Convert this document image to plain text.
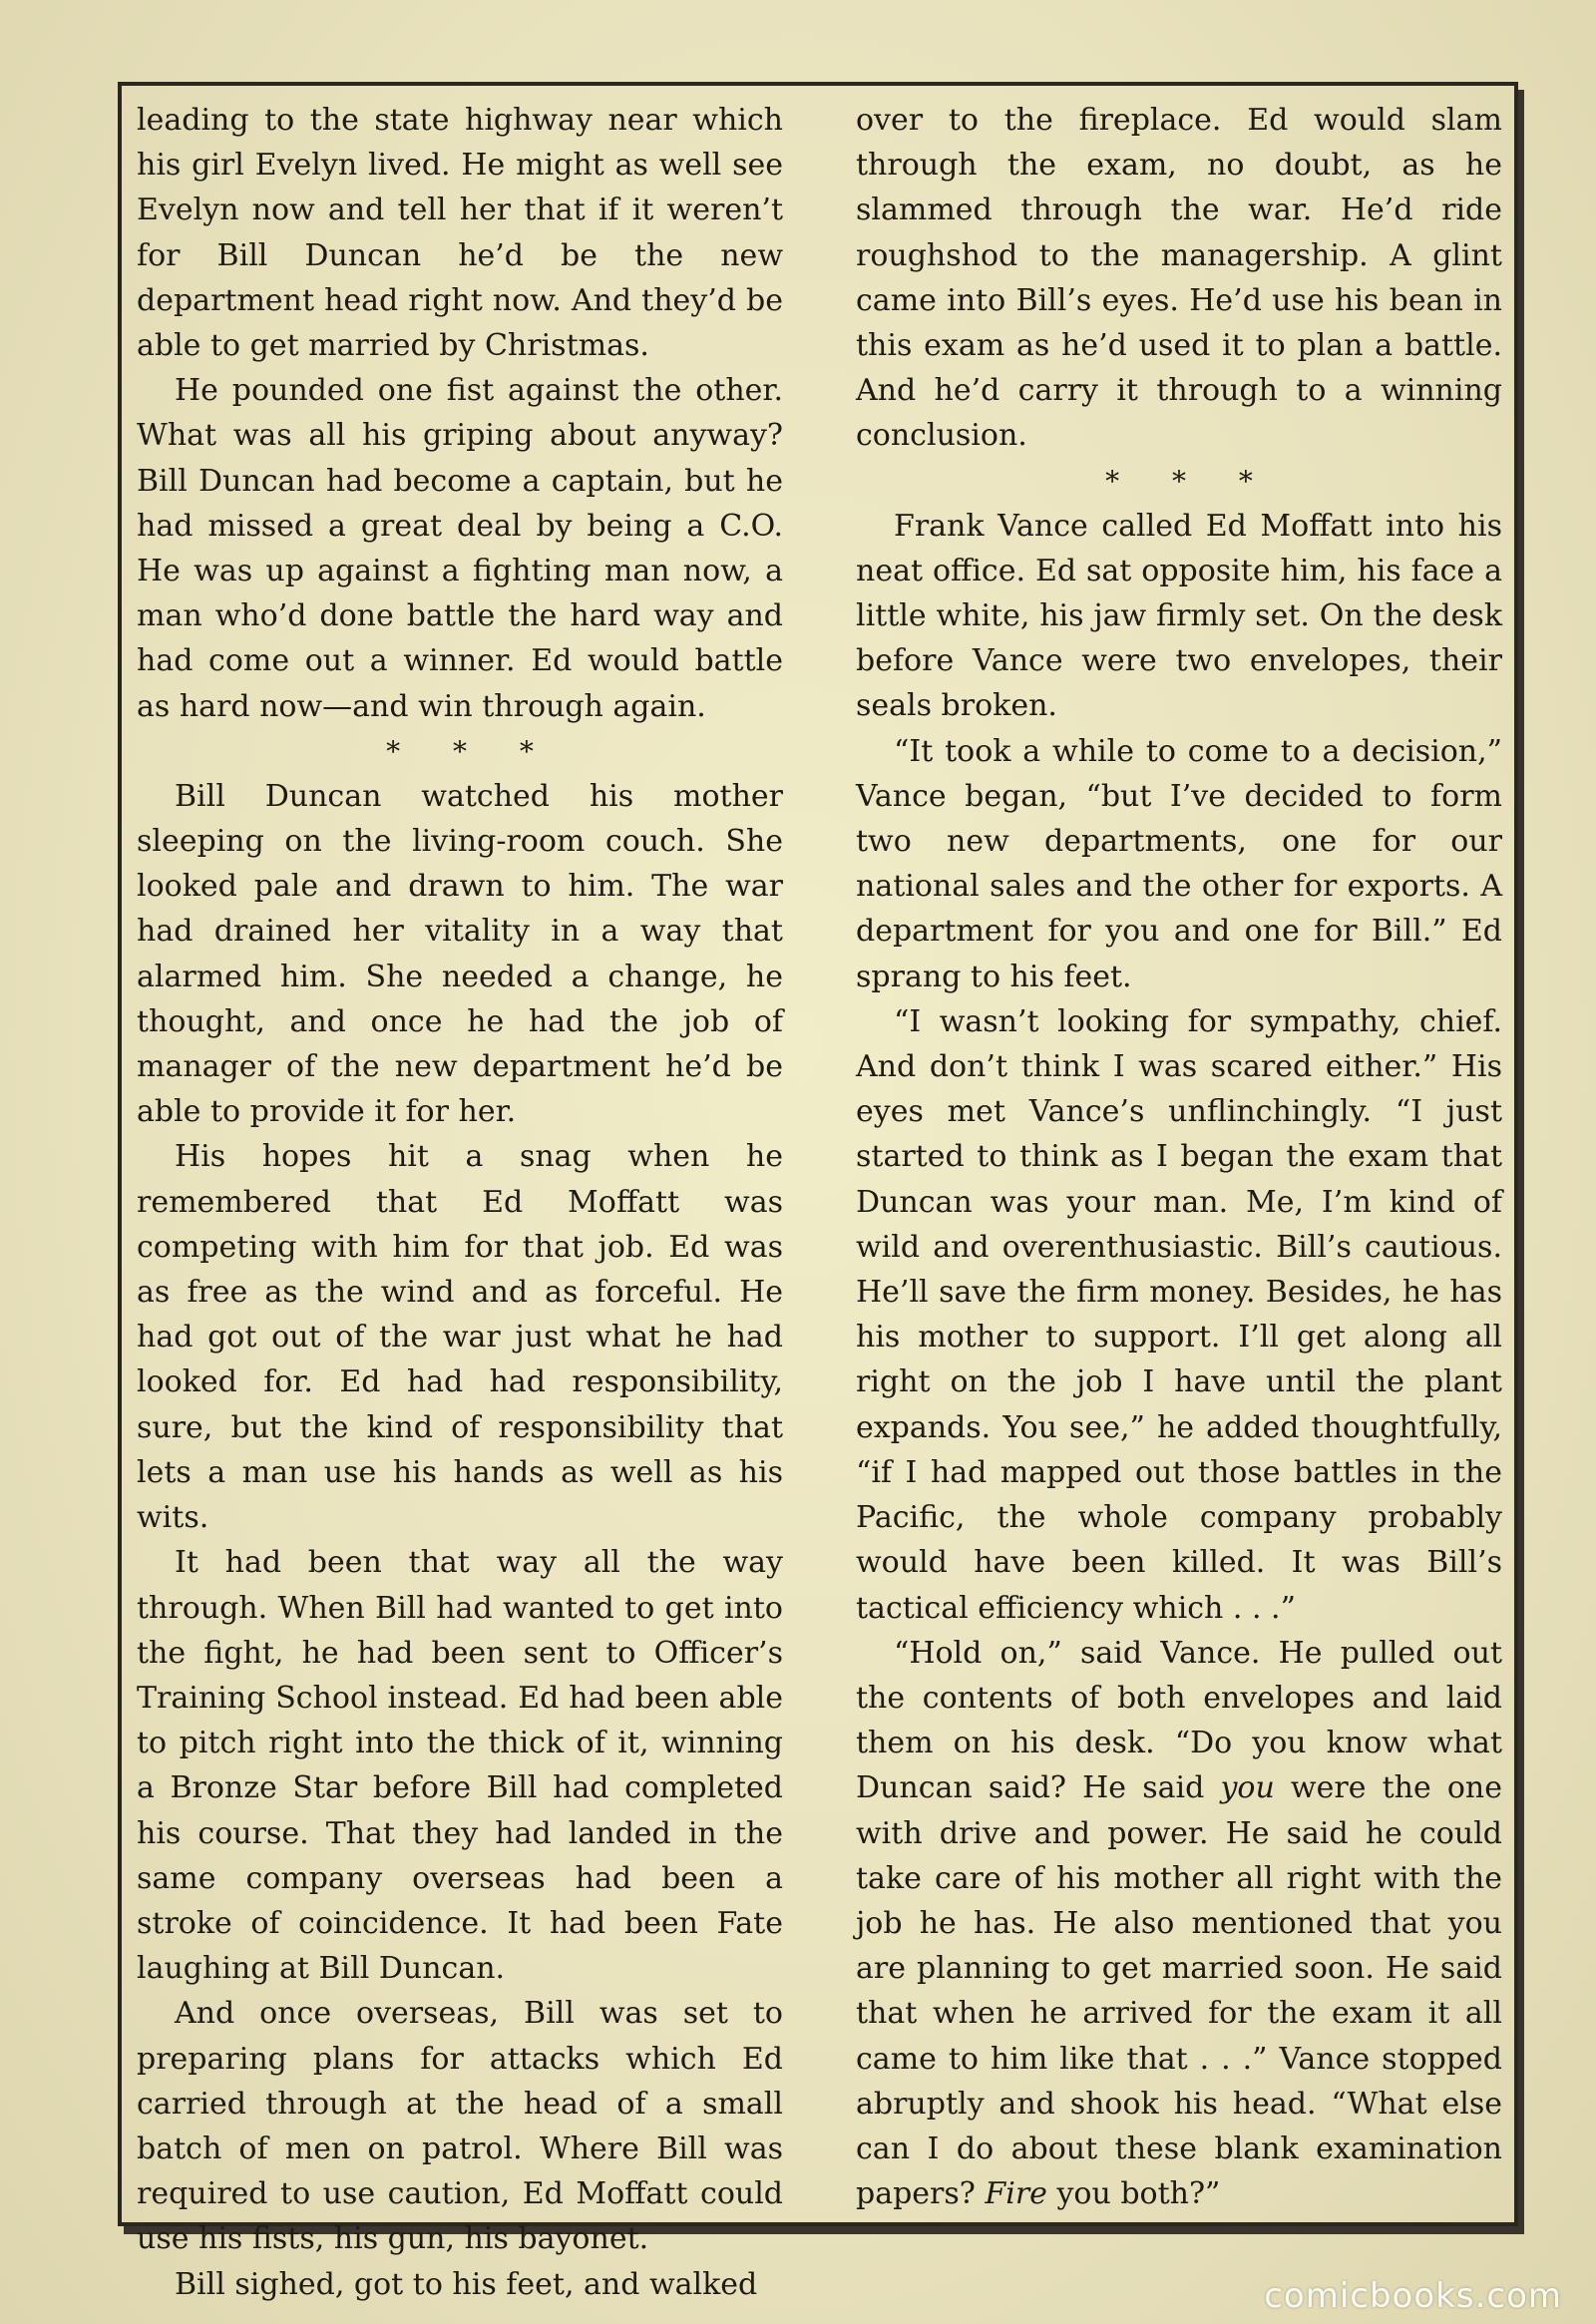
leading to the state highway near which his girl Evelyn lived. He might as well see Evelyn now and tell her that if it weren’t for Bill Duncan he’d be the new department head right now. And they’d be able to get married by Christmas.

He pounded one fist against the other. What was all his griping about anyway? Bill Duncan had become a captain, but he had missed a great deal by being a C.O. He was up against a fighting man now, a man who’d done battle the hard way and had come out a winner. Ed would battle as hard now—and win through again.

* * *

Bill Duncan watched his mother sleeping on the living-room couch. She looked pale and drawn to him. The war had drained her vitality in a way that alarmed him. She needed a change, he thought, and once he had the job of manager of the new department he’d be able to provide it for her.

His hopes hit a snag when he remembered that Ed Moffatt was competing with him for that job. Ed was as free as the wind and as forceful. He had got out of the war just what he had looked for. Ed had had responsibility, sure, but the kind of responsibility that lets a man use his hands as well as his wits.

It had been that way all the way through. When Bill had wanted to get into the fight, he had been sent to Officer’s Training School instead. Ed had been able to pitch right into the thick of it, winning a Bronze Star before Bill had completed his course. That they had landed in the same company overseas had been a stroke of coincidence. It had been Fate laughing at Bill Duncan.

And once overseas, Bill was set to preparing plans for attacks which Ed carried through at the head of a small batch of men on patrol. Where Bill was required to use caution, Ed Moffatt could use his fists, his gun, his bayonet.

Bill sighed, got to his feet, and walked

over to the fireplace. Ed would slam through the exam, no doubt, as he slammed through the war. He’d ride roughshod to the managership. A glint came into Bill’s eyes. He’d use his bean in this exam as he’d used it to plan a battle. And he’d carry it through to a winning conclusion.

* * *

Frank Vance called Ed Moffatt into his neat office. Ed sat opposite him, his face a little white, his jaw firmly set. On the desk before Vance were two envelopes, their seals broken.

“It took a while to come to a decision,” Vance began, “but I’ve decided to form two new departments, one for our national sales and the other for exports. A department for you and one for Bill.” Ed sprang to his feet.

“I wasn’t looking for sympathy, chief. And don’t think I was scared either.” His eyes met Vance’s unflinchingly. “I just started to think as I began the exam that Duncan was your man. Me, I’m kind of wild and overenthusiastic. Bill’s cautious. He’ll save the firm money. Besides, he has his mother to support. I’ll get along all right on the job I have until the plant expands. You see,” he added thoughtfully, “if I had mapped out those battles in the Pacific, the whole company probably would have been killed. It was Bill’s tactical efficiency which . . .”

“Hold on,” said Vance. He pulled out the contents of both envelopes and laid them on his desk. “Do you know what Duncan said? He said you were the one with drive and power. He said he could take care of his mother all right with the job he has. He also mentioned that you are planning to get married soon. He said that when he arrived for the exam it all came to him like that . . .” Vance stopped abruptly and shook his head. “What else can I do about these blank examination papers? Fire you both?”

comicbooks.com
